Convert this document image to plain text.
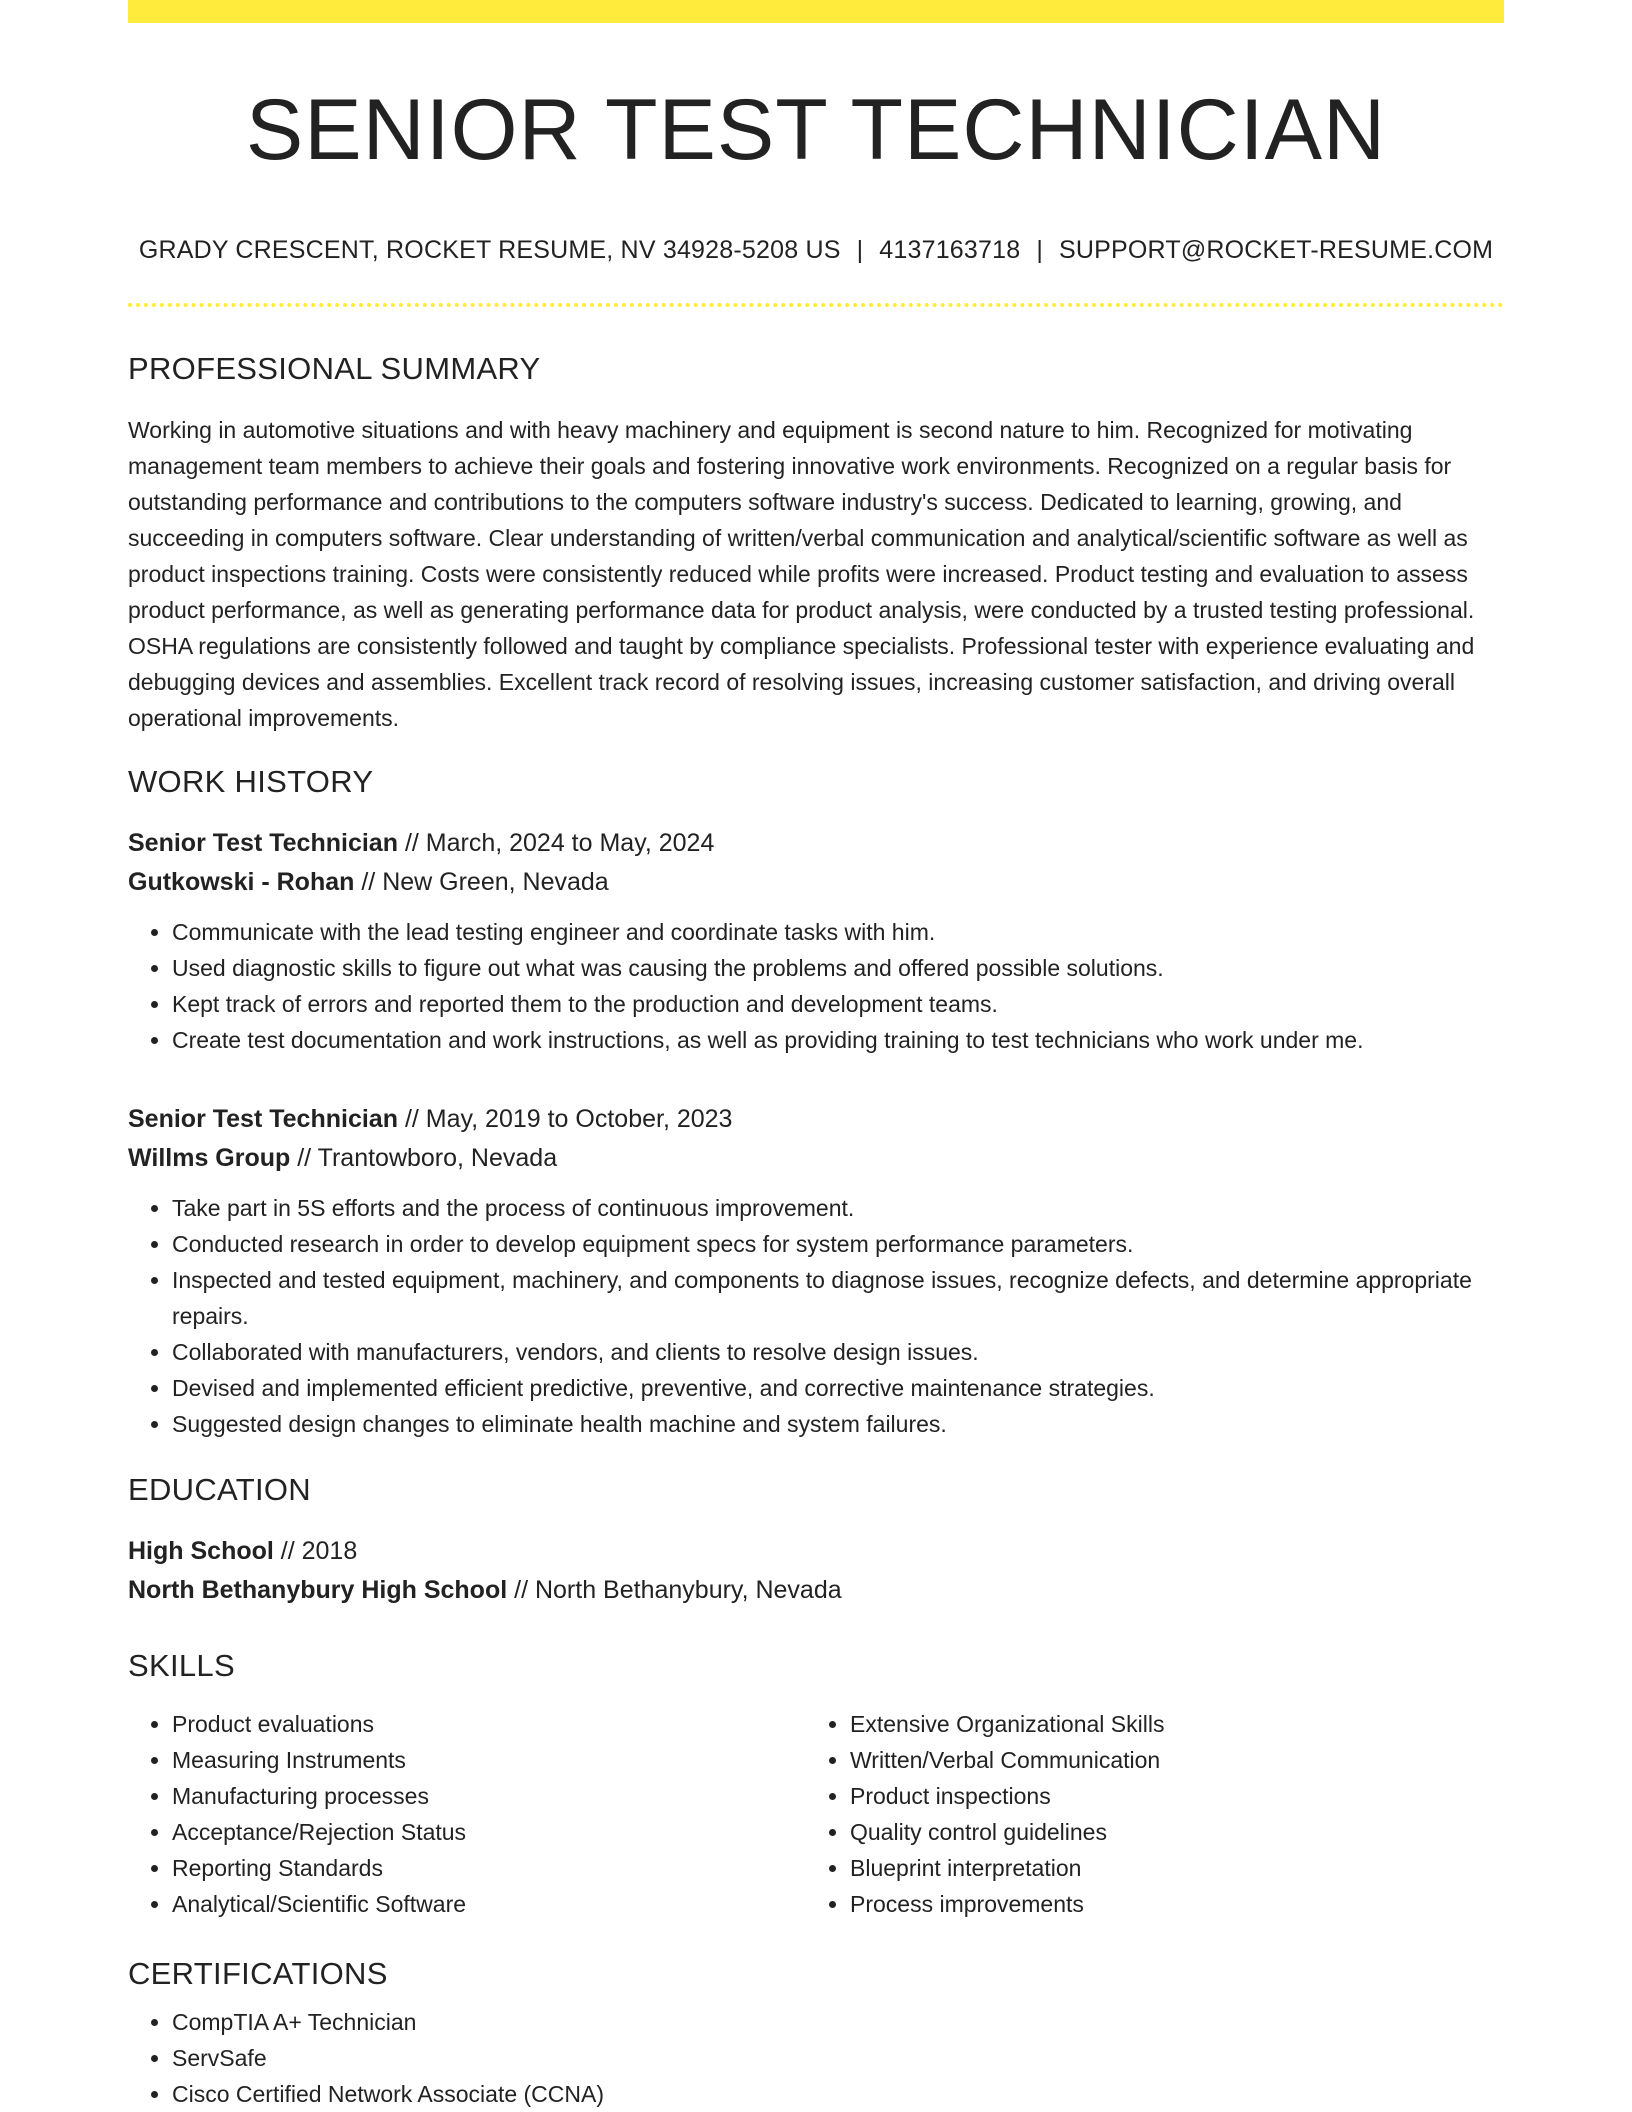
SENIOR TEST TECHNICIAN
GRADY CRESCENT, ROCKET RESUME, NV 34928-5208 US | 4137163718 | SUPPORT@ROCKET-RESUME.COM
PROFESSIONAL SUMMARY

Working in automotive situations and with heavy machinery and equipment is second nature to him. Recognized for motivating management team members to achieve their goals and fostering innovative work environments. Recognized on a regular basis for outstanding performance and contributions to the computers software industry's success. Dedicated to learning, growing, and succeeding in computers software. Clear understanding of written/verbal communication and analytical/scientific software as well as product inspections training. Costs were consistently reduced while profits were increased. Product testing and evaluation to assess product performance, as well as generating performance data for product analysis, were conducted by a trusted testing professional. OSHA regulations are consistently followed and taught by compliance specialists. Professional tester with experience evaluating and debugging devices and assemblies. Excellent track record of resolving issues, increasing customer satisfaction, and driving overall operational improvements.

WORK HISTORY
Senior Test Technician // March, 2024 to May, 2024
Gutkowski - Rohan // New Green, Nevada
• Communicate with the lead testing engineer and coordinate tasks with him.
• Used diagnostic skills to figure out what was causing the problems and offered possible solutions.
• Kept track of errors and reported them to the production and development teams.
• Create test documentation and work instructions, as well as providing training to test technicians who work under me.
Senior Test Technician // May, 2019 to October, 2023
Willms Group // Trantowboro, Nevada
• Take part in 5S efforts and the process of continuous improvement.
• Conducted research in order to develop equipment specs for system performance parameters.
• Inspected and tested equipment, machinery, and components to diagnose issues, recognize defects, and determine appropriate repairs.
• Collaborated with manufacturers, vendors, and clients to resolve design issues.
• Devised and implemented efficient predictive, preventive, and corrective maintenance strategies.
• Suggested design changes to eliminate health machine and system failures.
EDUCATION
High School // 2018
North Bethanybury High School // North Bethanybury, Nevada
SKILLS
• Product evaluations
• Measuring Instruments
• Manufacturing processes
• Acceptance/Rejection Status
• Reporting Standards
• Analytical/Scientific Software
• Extensive Organizational Skills
• Written/Verbal Communication
• Product inspections
• Quality control guidelines
• Blueprint interpretation
• Process improvements
CERTIFICATIONS
• CompTIA A+ Technician
• ServSafe
• Cisco Certified Network Associate (CCNA)
